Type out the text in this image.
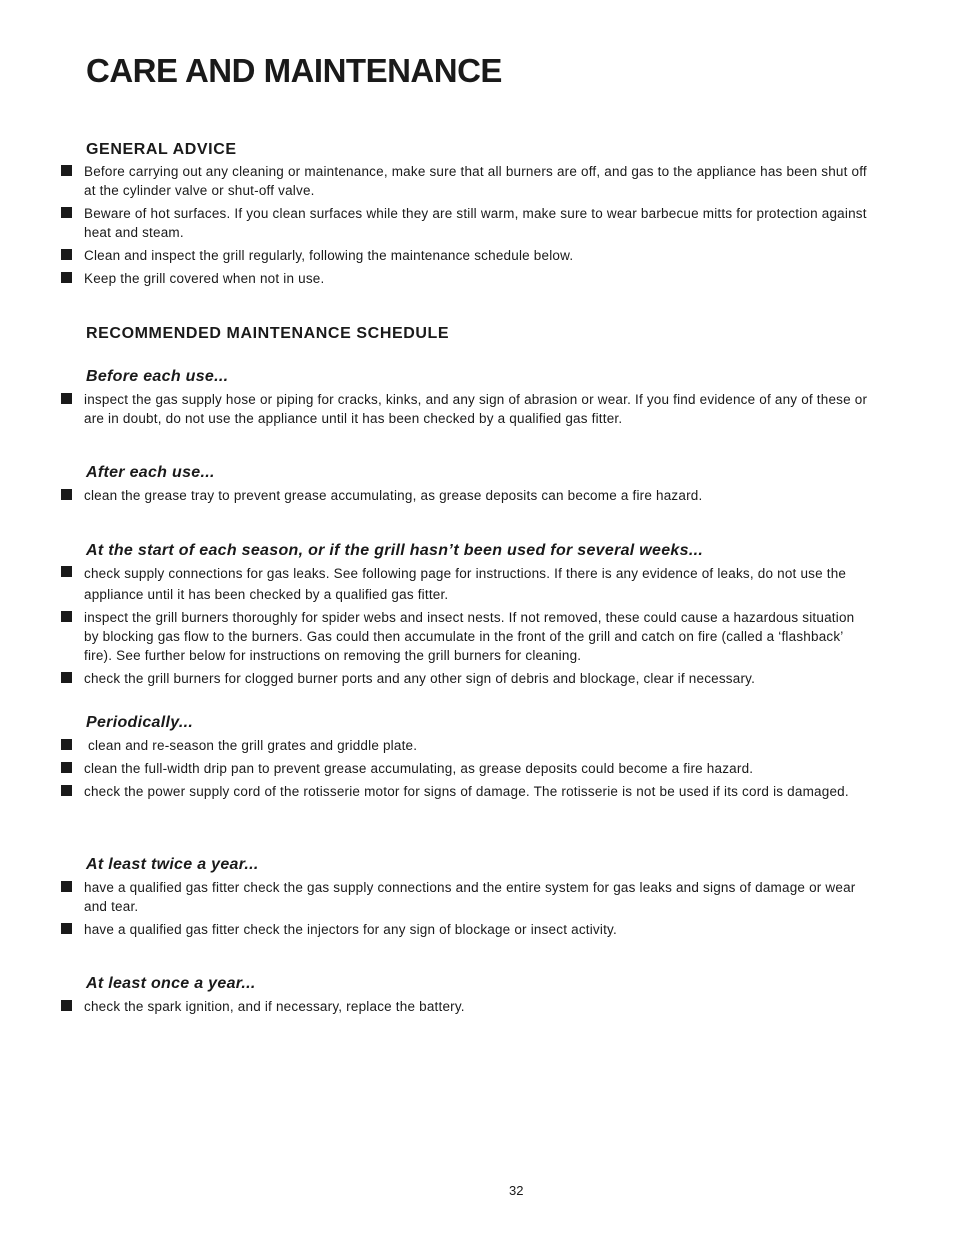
CARE AND MAINTENANCE
GENERAL ADVICE
Before carrying out any cleaning or maintenance, make sure that all burners are off, and gas to the appliance has been shut off at the cylinder valve or shut-off valve.
Beware of hot surfaces. If you clean surfaces while they are still warm, make sure to wear barbecue mitts for protection against heat and steam.
Clean and inspect the grill regularly, following the maintenance schedule below.
Keep the grill covered when not in use.
RECOMMENDED MAINTENANCE SCHEDULE
Before each use...
inspect the gas supply hose or piping for cracks, kinks, and any sign of abrasion or wear. If you find evidence of any of these or are in doubt, do not use the appliance until it has been checked by a qualified gas fitter.
After each use...
clean the grease tray to prevent grease accumulating, as grease deposits can become a fire hazard.
At the start of each season, or if the grill hasn’t been used for several weeks...
check supply connections for gas leaks. See following page for instructions. If there is any evidence of leaks, do not use the appliance until it has been checked by a qualified gas fitter.
inspect the grill burners thoroughly for spider webs and insect nests. If not removed, these could cause a hazardous situation by blocking gas flow to the burners. Gas could then accumulate in the front of the grill and catch on fire (called a ‘flashback’ fire). See further below for instructions on removing the grill burners for cleaning.
check the grill burners for clogged burner ports and any other sign of debris and blockage, clear if necessary.
Periodically...
clean and re-season the grill grates and griddle plate.
clean the full-width drip pan to prevent grease accumulating, as grease deposits could become a fire hazard.
check the power supply cord of the rotisserie motor for signs of damage. The rotisserie is not be used if its cord is damaged.
At least twice a year...
have a qualified gas fitter check the gas supply connections and the entire system for gas leaks and signs of damage or wear and tear.
have a qualified gas fitter check the injectors for any sign of blockage or insect activity.
At least once a year...
check the spark ignition, and if necessary, replace the battery.
32
